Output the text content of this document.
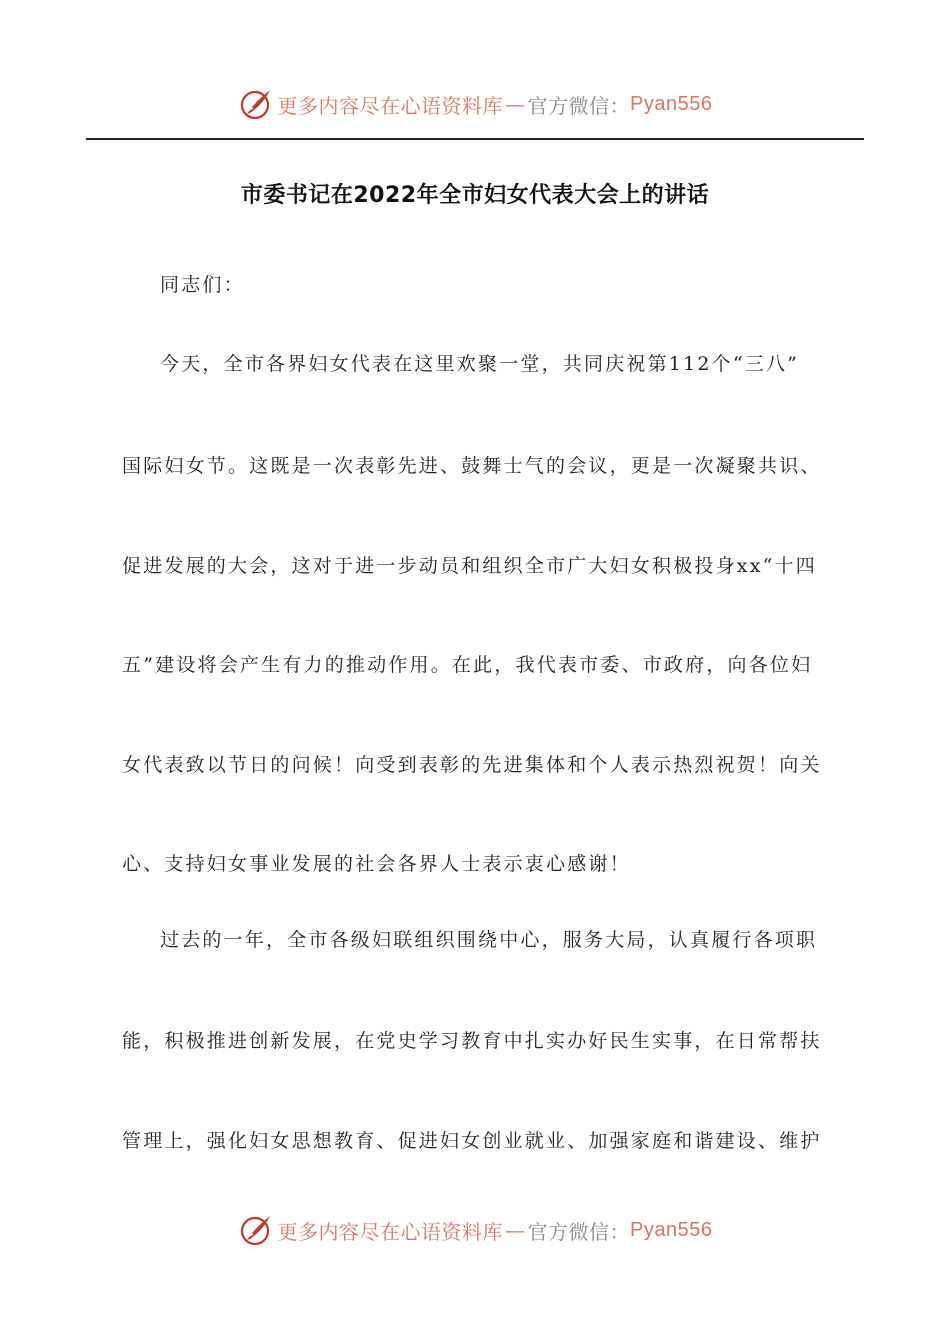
更多内容尽在心语资料库 — 官方微信： Pyan556
市委书记在2022年全市妇女代表大会上的讲话
同志们：
今天，全市各界妇女代表在这里欢聚一堂，共同庆祝第112个“三八”
国际妇女节。这既是一次表彰先进、鼓舞士气的会议，更是一次凝聚共识、
促进发展的大会，这对于进一步动员和组织全市广大妇女积极投身xx“十四
五”建设将会产生有力的推动作用。在此，我代表市委、市政府，向各位妇
女代表致以节日的问候！向受到表彰的先进集体和个人表示热烈祝贺！向关
心、支持妇女事业发展的社会各界人士表示衷心感谢！
过去的一年，全市各级妇联组织围绕中心，服务大局，认真履行各项职
能，积极推进创新发展，在党史学习教育中扎实办好民生实事，在日常帮扶
管理上，强化妇女思想教育、促进妇女创业就业、加强家庭和谐建设、维护
更多内容尽在心语资料库 — 官方微信： Pyan556
